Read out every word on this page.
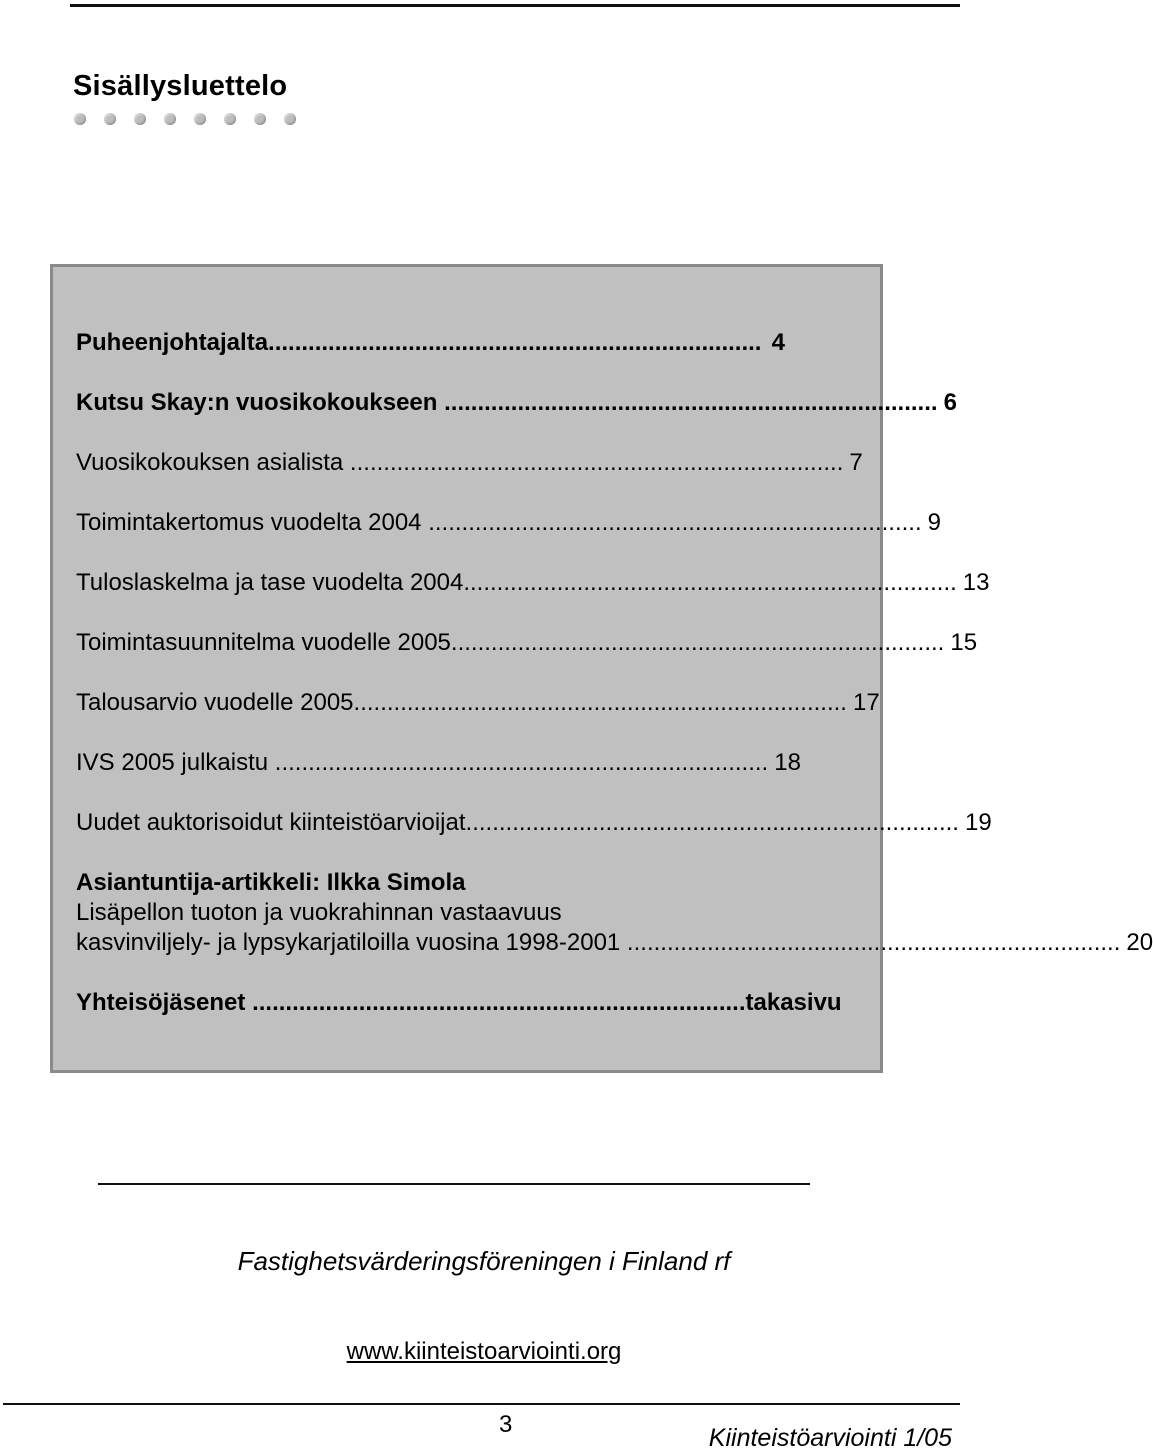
Sisällysluettelo
Puheenjohtajalta .......................................................................... 4
Kutsu Skay:n vuosikokoukseen .......................................................................... 6
Vuosikokouksen asialista .......................................................................... 7
Toimintakertomus vuodelta 2004 .......................................................................... 9
Tuloslaskelma ja tase vuodelta 2004 .......................................................................... 13
Toimintasuunnitelma vuodelle 2005 .......................................................................... 15
Talousarvio vuodelle 2005 .......................................................................... 17
IVS 2005 julkaistu .......................................................................... 18
Uudet auktorisoidut kiinteistöarvioijat .......................................................................... 19
Asiantuntija-artikkeli: Ilkka Simola
Lisäpellon tuoton ja vuokrahinnan vastaavuus
kasvinviljely- ja lypsykarjatiloilla vuosina 1998-2001 .......................................................................... 20
Yhteisöjäsenet .......................................................................... takasivu
Fastighetsvärderingsföreningen i Finland rf
www.kiinteistoarviointi.org
3	Kiinteistöarviointi 1/05
